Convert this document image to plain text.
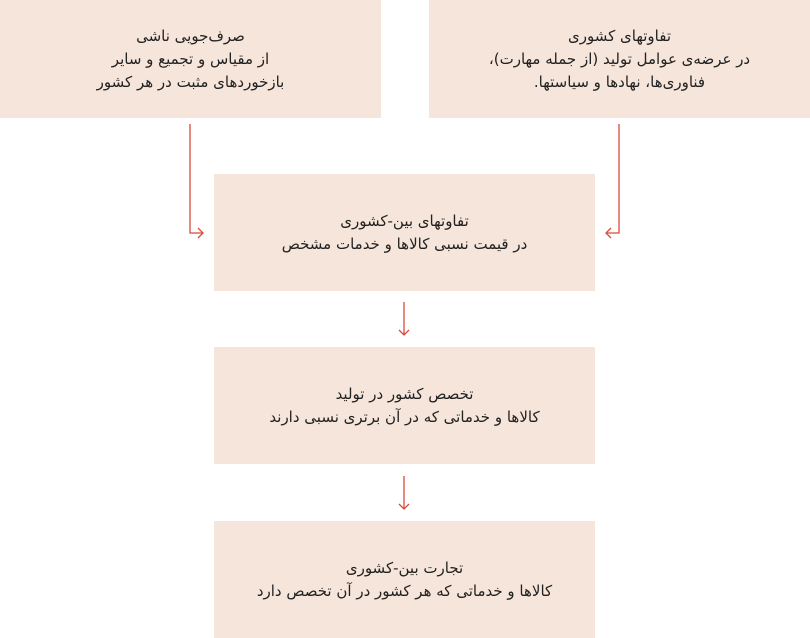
صرف‌جویی ناشی
از مقیاس و تجمیع و سایر
بازخوردهای مثبت در هر کشور
تفاوتهای کشوری
در عرضه‌ی عوامل تولید (از جمله مهارت)،
فناوری‌ها، نهادها و سیاستها.
تفاوتهای بین-کشوری
در قیمت نسبی کالاها و خدمات مشخص
تخصص کشور در تولید
کالاها و خدماتی که در آن برتری نسبی دارند
تجارت بین-کشوری
کالاها و خدماتی که هر کشور در آن تخصص دارد
